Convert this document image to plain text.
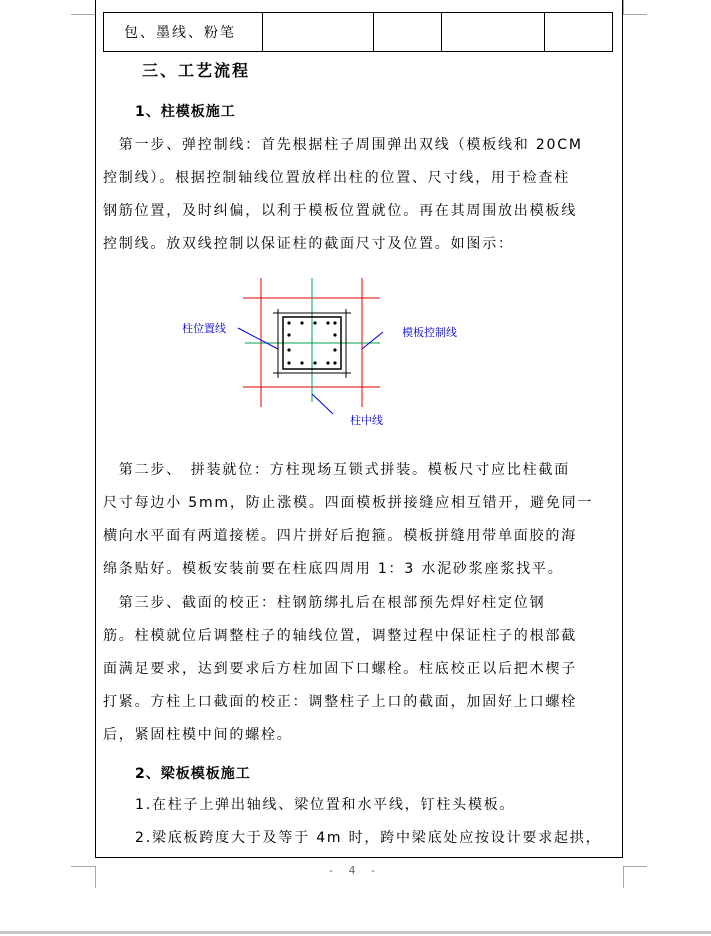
包、墨线、粉笔				
三、工艺流程
1、柱模板施工
　第一步、弹控制线：首先根据柱子周围弹出双线（模板线和 20CM
控制线）。根据控制轴线位置放样出柱的位置、尺寸线，用于检查柱
钢筋位置，及时纠偏，以利于模板位置就位。再在其周围放出模板线
控制线。放双线控制以保证柱的截面尺寸及位置。如图示：
柱位置线	模板控制线
柱中线
　第二步、　拼装就位：方柱现场互锁式拼装。模板尺寸应比柱截面
尺寸每边小 5mm，防止涨模。四面模板拼接缝应相互错开，避免同一
横向水平面有两道接槎。四片拼好后抱箍。模板拼缝用带单面胶的海
绵条贴好。模板安装前要在柱底四周用 1：3 水泥砂浆座浆找平。
　第三步、截面的校正：柱钢筋绑扎后在根部预先焊好柱定位钢
筋。柱模就位后调整柱子的轴线位置，调整过程中保证柱子的根部截
面满足要求，达到要求后方柱加固下口螺栓。柱底校正以后把木楔子
打紧。方柱上口截面的校正：调整柱子上口的截面，加固好上口螺栓
后，紧固柱模中间的螺栓。
2、梁板模板施工
1.在柱子上弹出轴线、梁位置和水平线，钉柱头模板。
2.梁底板跨度大于及等于 4m 时，跨中梁底处应按设计要求起拱，
- 4 -
